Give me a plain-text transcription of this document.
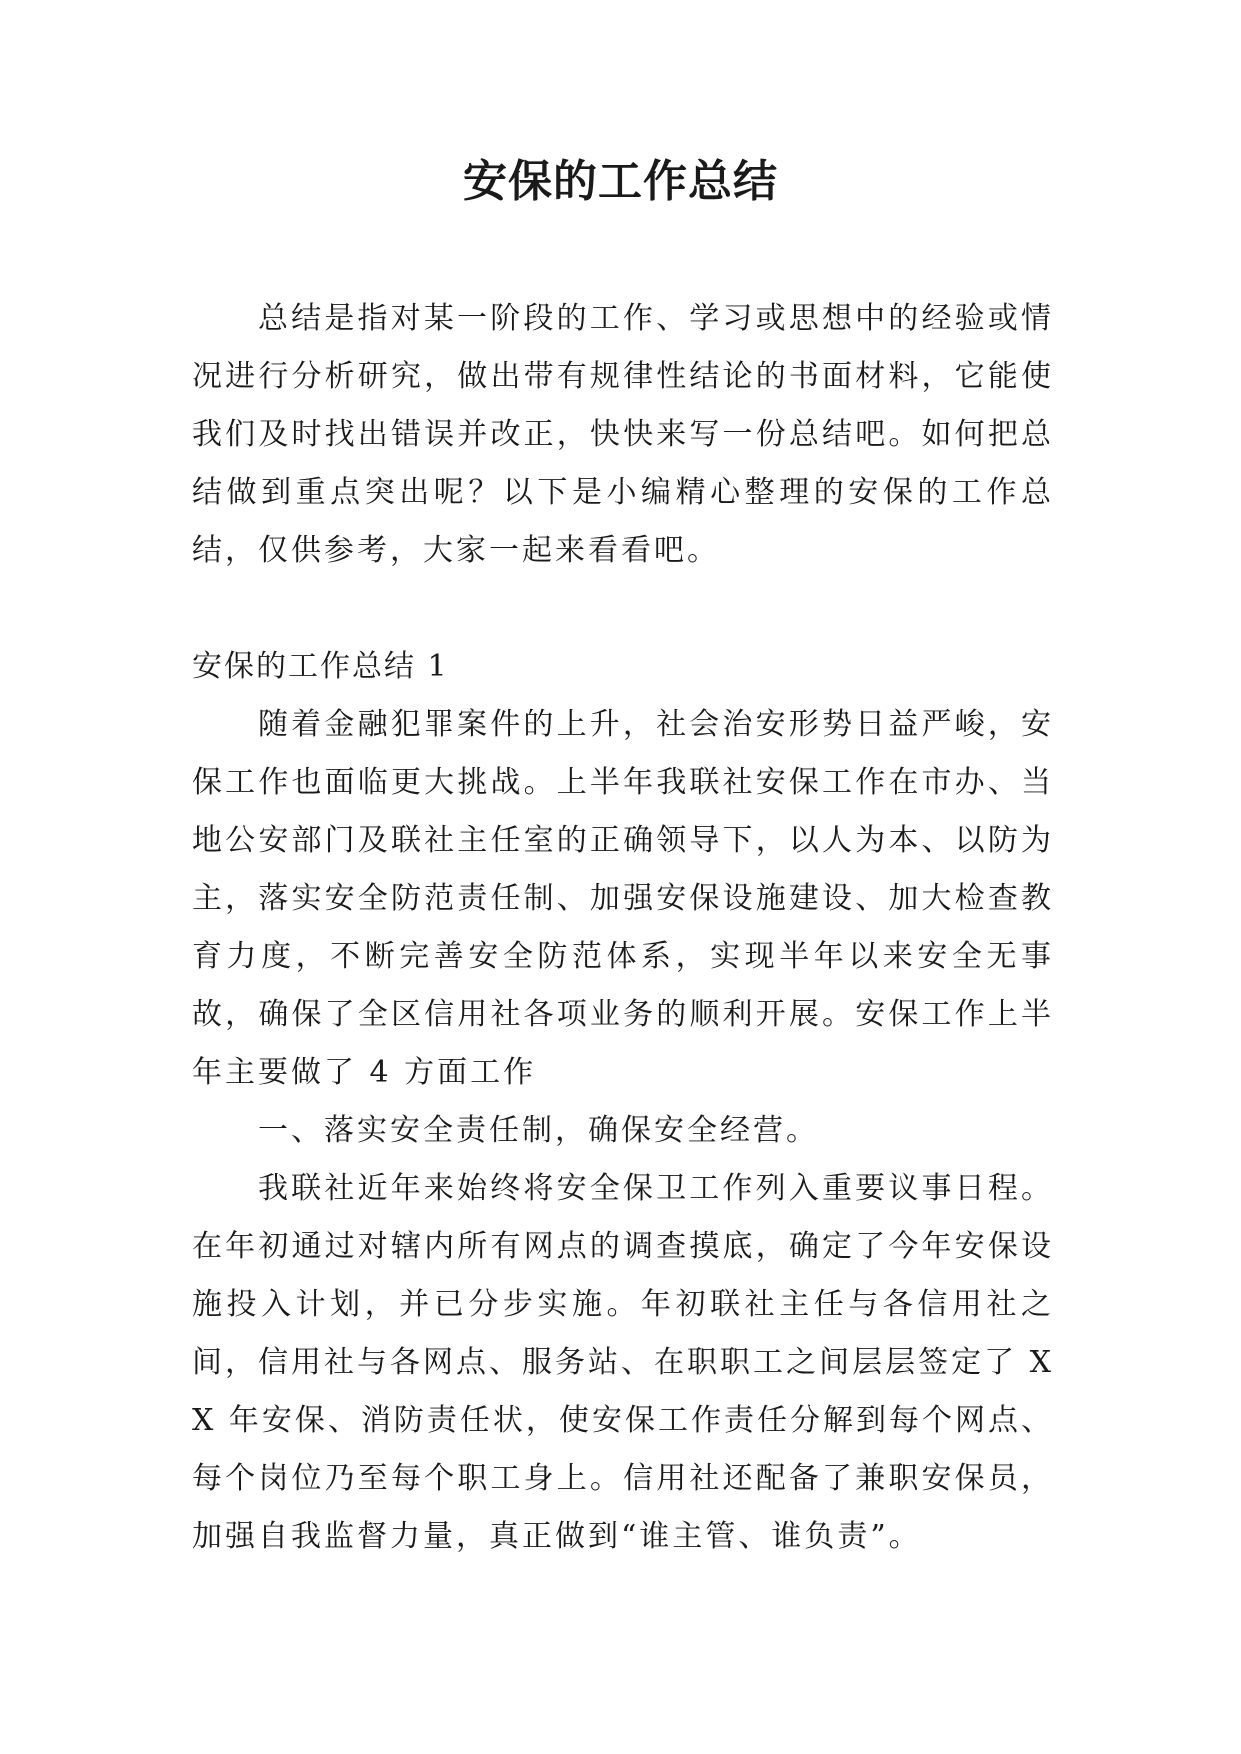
安保的工作总结

总结是指对某一阶段的工作、学习或思想中的经验或情况进行分析研究，做出带有规律性结论的书面材料，它能使我们及时找出错误并改正，快快来写一份总结吧。如何把总结做到重点突出呢？以下是小编精心整理的安保的工作总结，仅供参考，大家一起来看看吧。

安保的工作总结 1

随着金融犯罪案件的上升，社会治安形势日益严峻，安保工作也面临更大挑战。上半年我联社安保工作在市办、当地公安部门及联社主任室的正确领导下，以人为本、以防为主，落实安全防范责任制、加强安保设施建设、加大检查教育力度，不断完善安全防范体系，实现半年以来安全无事故，确保了全区信用社各项业务的顺利开展。安保工作上半年主要做了 4 方面工作

一、落实安全责任制，确保安全经营。

我联社近年来始终将安全保卫工作列入重要议事日程。在年初通过对辖内所有网点的调查摸底，确定了今年安保设施投入计划，并已分步实施。年初联社主任与各信用社之间，信用社与各网点、服务站、在职职工之间层层签定了 XX 年安保、消防责任状，使安保工作责任分解到每个网点、每个岗位乃至每个职工身上。信用社还配备了兼职安保员，加强自我监督力量，真正做到“谁主管、谁负责”。
